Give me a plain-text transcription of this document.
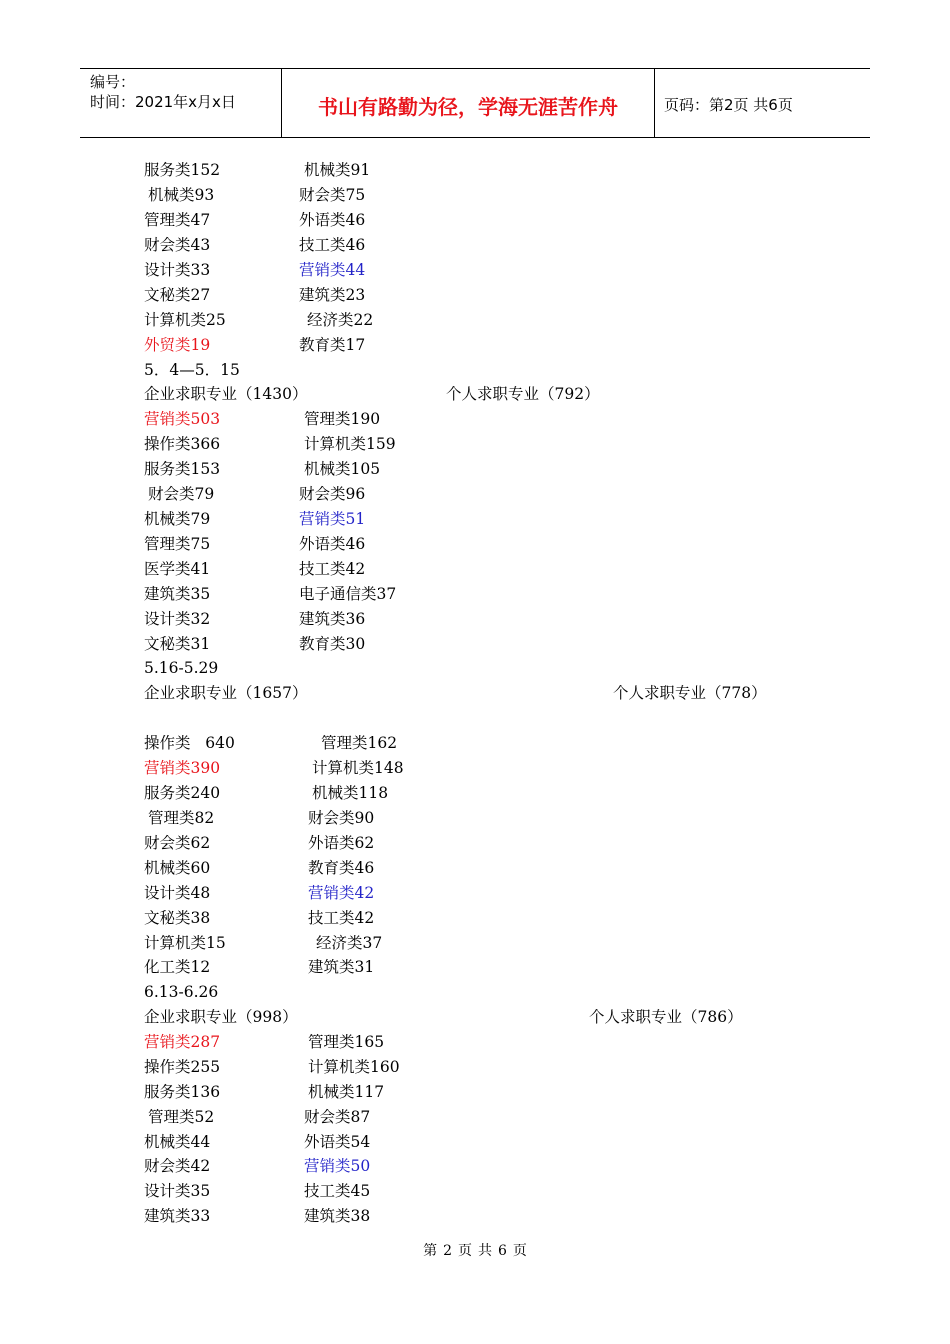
编号：
时间：2021年x月x日	书山有路勤为径，学海无涯苦作舟	页码：第2页 共6页
服务类152	机械类91
机械类93	财会类75
管理类47	外语类46
财会类43	技工类46
设计类33	营销类44
文秘类27	建筑类23
计算机类25	经济类22
外贸类19	教育类17
5．4—5．15
企业求职专业（1430）	个人求职专业（792）
营销类503	管理类190
操作类366	计算机类159
服务类153	机械类105
财会类79	财会类96
机械类79	营销类51
管理类75	外语类46
医学类41	技工类42
建筑类35	电子通信类37
设计类32	建筑类36
文秘类31	教育类30
5.16-5.29
企业求职专业（1657）	个人求职专业（778）
操作类   640	管理类162
营销类390	计算机类148
服务类240	机械类118
管理类82	财会类90
财会类62	外语类62
机械类60	教育类46
设计类48	营销类42
文秘类38	技工类42
计算机类15	经济类37
化工类12	建筑类31
6.13-6.26
企业求职专业（998）	个人求职专业（786）
营销类287	管理类165
操作类255	计算机类160
服务类136	机械类117
管理类52	财会类87
机械类44	外语类54
财会类42	营销类50
设计类35	技工类45
建筑类33	建筑类38
第 2 页 共 6 页
